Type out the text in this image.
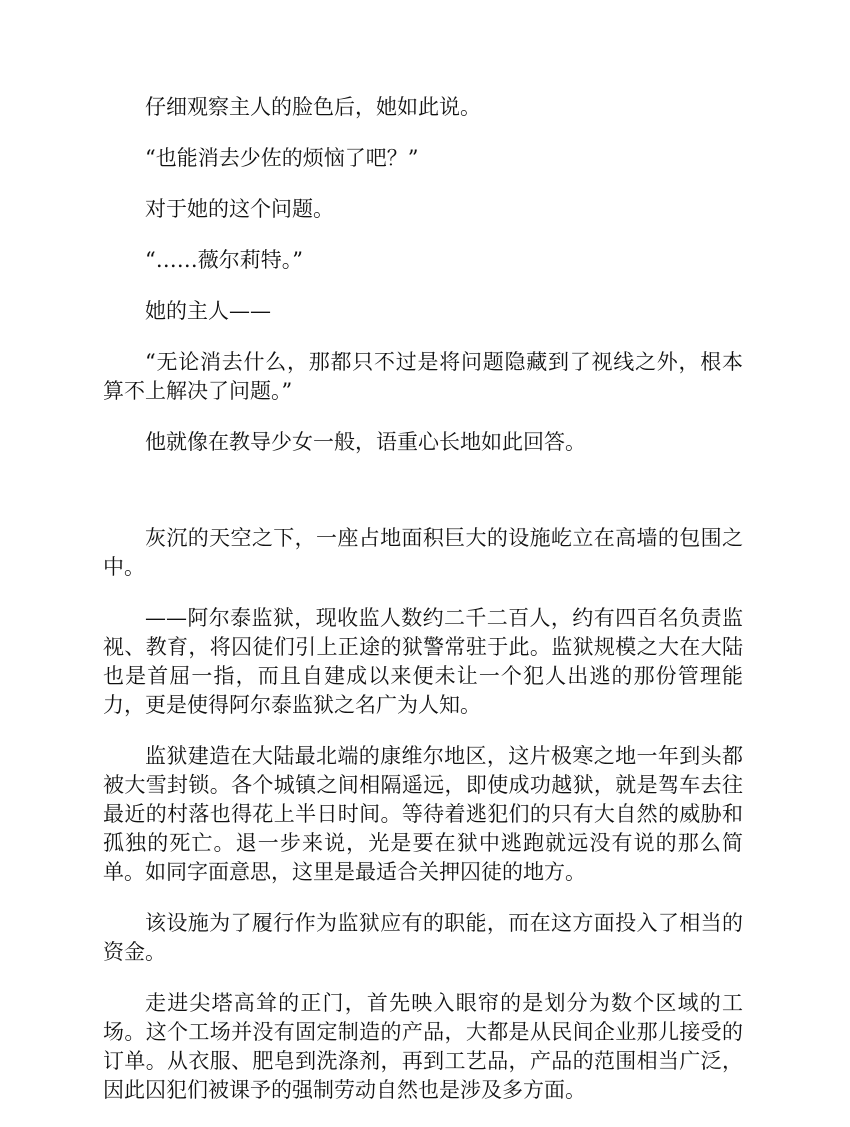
仔细观察主人的脸色后，她如此说。

“也能消去少佐的烦恼了吧？”

对于她的这个问题。

“……薇尔莉特。”

她的主人——

“无论消去什么，那都只不过是将问题隐藏到了视线之外，根本算不上解决了问题。”

他就像在教导少女一般，语重心长地如此回答。

灰沉的天空之下，一座占地面积巨大的设施屹立在高墙的包围之中。

——阿尔泰监狱，现收监人数约二千二百人，约有四百名负责监视、教育，将囚徒们引上正途的狱警常驻于此。监狱规模之大在大陆也是首屈一指，而且自建成以来便未让一个犯人出逃的那份管理能力，更是使得阿尔泰监狱之名广为人知。

监狱建造在大陆最北端的康维尔地区，这片极寒之地一年到头都被大雪封锁。各个城镇之间相隔遥远，即使成功越狱，就是驾车去往最近的村落也得花上半日时间。等待着逃犯们的只有大自然的威胁和孤独的死亡。退一步来说，光是要在狱中逃跑就远没有说的那么简单。如同字面意思，这里是最适合关押囚徒的地方。

该设施为了履行作为监狱应有的职能，而在这方面投入了相当的资金。

走进尖塔高耸的正门，首先映入眼帘的是划分为数个区域的工场。这个工场并没有固定制造的产品，大都是从民间企业那儿接受的订单。从衣服、肥皂到洗涤剂，再到工艺品，产品的范围相当广泛，因此囚犯们被课予的强制劳动自然也是涉及多方面。
